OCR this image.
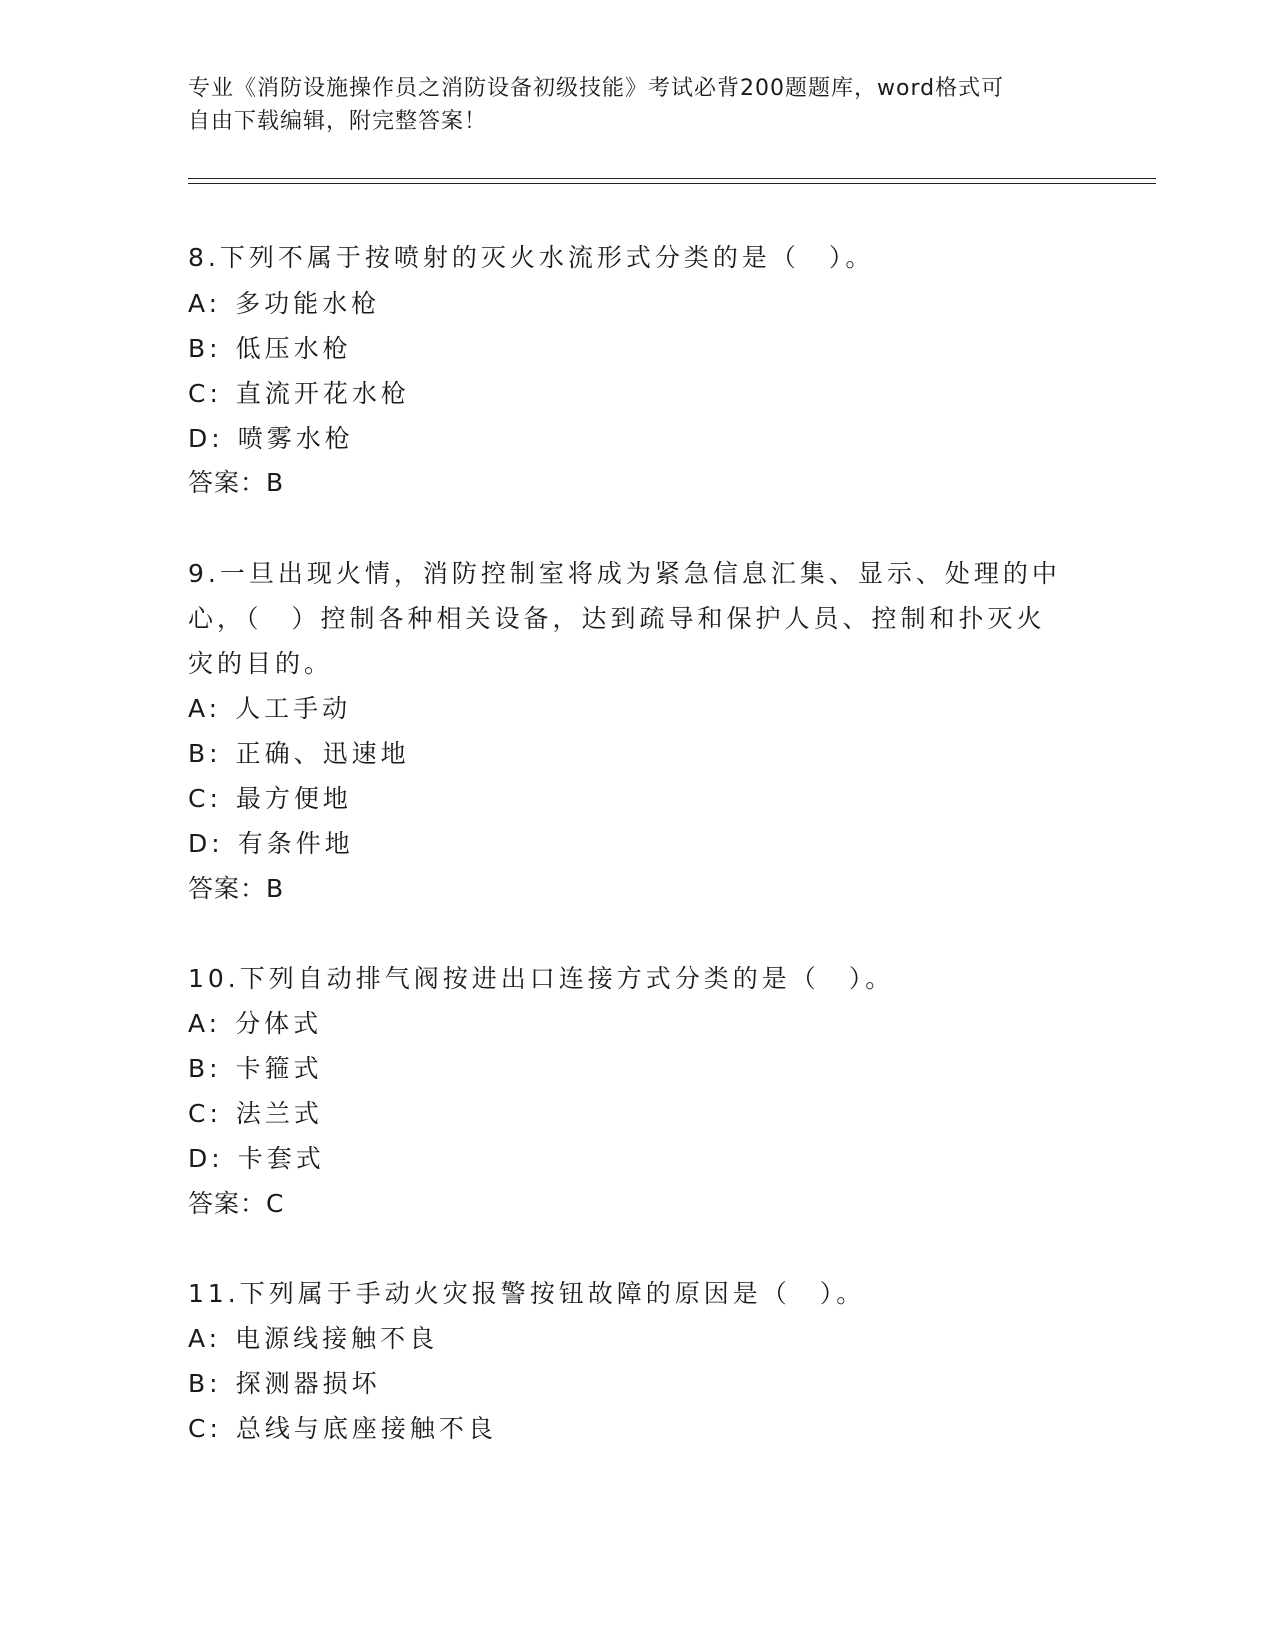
专业《消防设施操作员之消防设备初级技能》考试必背200题题库，word格式可
自由下载编辑，附完整答案！
8.下列不属于按喷射的灭火水流形式分类的是（　）。
A: 多功能水枪
B: 低压水枪
C: 直流开花水枪
D: 喷雾水枪
答案：B
9.一旦出现火情，消防控制室将成为紧急信息汇集、显示、处理的中
心，（　）控制各种相关设备，达到疏导和保护人员、控制和扑灭火
灾的目的。
A: 人工手动
B: 正确、迅速地
C: 最方便地
D: 有条件地
答案：B
10.下列自动排气阀按进出口连接方式分类的是（　）。
A: 分体式
B: 卡箍式
C: 法兰式
D: 卡套式
答案：C
11.下列属于手动火灾报警按钮故障的原因是（　）。
A: 电源线接触不良
B: 探测器损坏
C: 总线与底座接触不良
